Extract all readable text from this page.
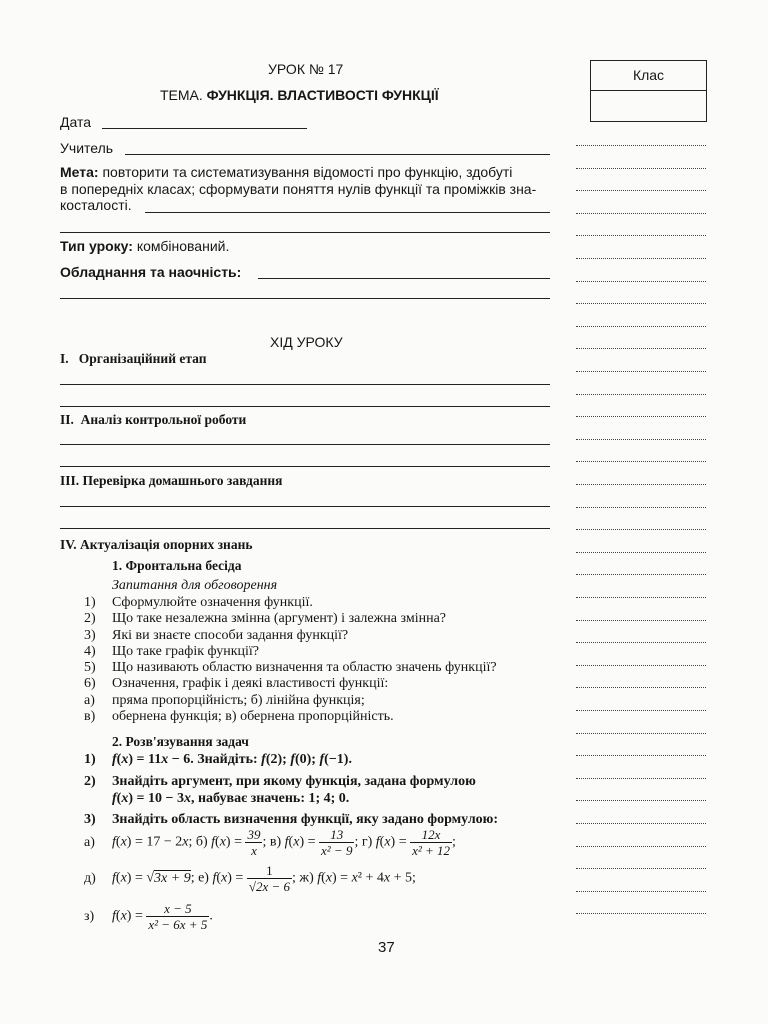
УРОК № 17
ТЕМА. ФУНКЦІЯ. ВЛАСТИВОСТІ ФУНКЦІЇ
Клас
Дата
Учитель
Мета: повторити та систематизування відомості про функцію, здобуті
в попередніх класах; сформувати поняття нулів функції та проміжків зна-
косталості.
Тип уроку: комбінований.
Обладнання та наочність:
ХІД УРОКУ
I.   Організаційний етап
II.  Аналіз контрольної роботи
III. Перевірка домашнього завдання
IV. Актуалізація опорних знань
1. Фронтальна бесіда
Запитання для обговорення
1) Сформулюйте означення функції.
2) Що таке незалежна змінна (аргумент) і залежна змінна?
3) Які ви знаєте способи задання функції?
4) Що таке графік функції?
5) Що називають областю визначення та областю значень функції?
6) Означення, графік і деякі властивості функції:
а) пряма пропорційність; б) лінійна функція;
в) обернена функція; в) обернена пропорційність.
2. Розв'язування задач
1) f(x) = 11x − 6. Знайдіть: f(2); f(0); f(−1).
2) Знайдіть аргумент, при якому функція, задана формулою
f(x) = 10 − 3x, набуває значень: 1; 4; 0.
3) Знайдіть область визначення функції, яку задано формулою:
а) f(x) = 17 − 2x; б) $f(x) = \frac{39}{x}$ ; в) $f(x) = \frac{13}{\text{x² − 9}}$ ; г) $f(x) = \frac{12x}{\text{x² + 12}}$ ;
д) f(x) = √3x + 9; е) $f(x) = \frac{1}{√2x - 6}$ ; ж) f(x) = x² + 4x + 5;
з) $f(x) = \frac{x - 5}{\text{x² − 6x + 5}}$ .
37
